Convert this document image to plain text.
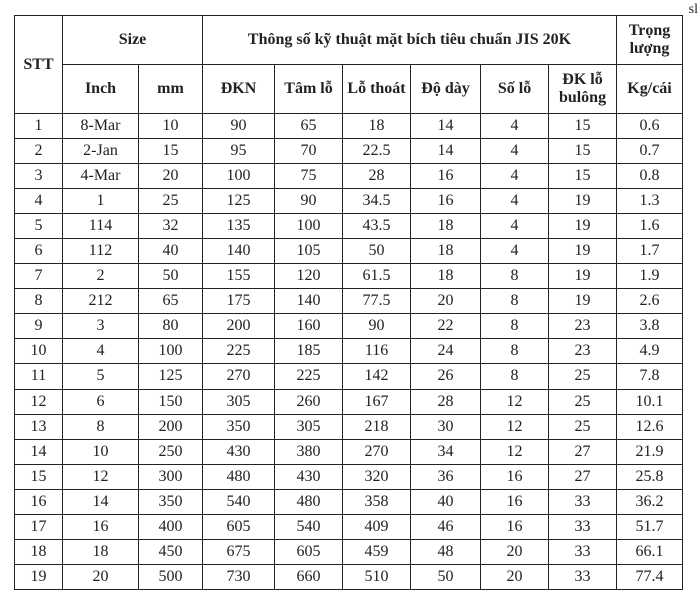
sl
STT	Size		Thông số kỹ thuật mặt bích tiêu chuẩn JIS 20K						Trọng lượng
	Inch	mm	ĐKN	Tâm lỗ	Lỗ thoát	Độ dày	Số lỗ	ĐK lỗ bulông	Kg/cái
1	8-Mar	10	90	65	18	14	4	15	0.6
2	2-Jan	15	95	70	22.5	14	4	15	0.7
3	4-Mar	20	100	75	28	16	4	15	0.8
4	1	25	125	90	34.5	16	4	19	1.3
5	114	32	135	100	43.5	18	4	19	1.6
6	112	40	140	105	50	18	4	19	1.7
7	2	50	155	120	61.5	18	8	19	1.9
8	212	65	175	140	77.5	20	8	19	2.6
9	3	80	200	160	90	22	8	23	3.8
10	4	100	225	185	116	24	8	23	4.9
11	5	125	270	225	142	26	8	25	7.8
12	6	150	305	260	167	28	12	25	10.1
13	8	200	350	305	218	30	12	25	12.6
14	10	250	430	380	270	34	12	27	21.9
15	12	300	480	430	320	36	16	27	25.8
16	14	350	540	480	358	40	16	33	36.2
17	16	400	605	540	409	46	16	33	51.7
18	18	450	675	605	459	48	20	33	66.1
19	20	500	730	660	510	50	20	33	77.4
